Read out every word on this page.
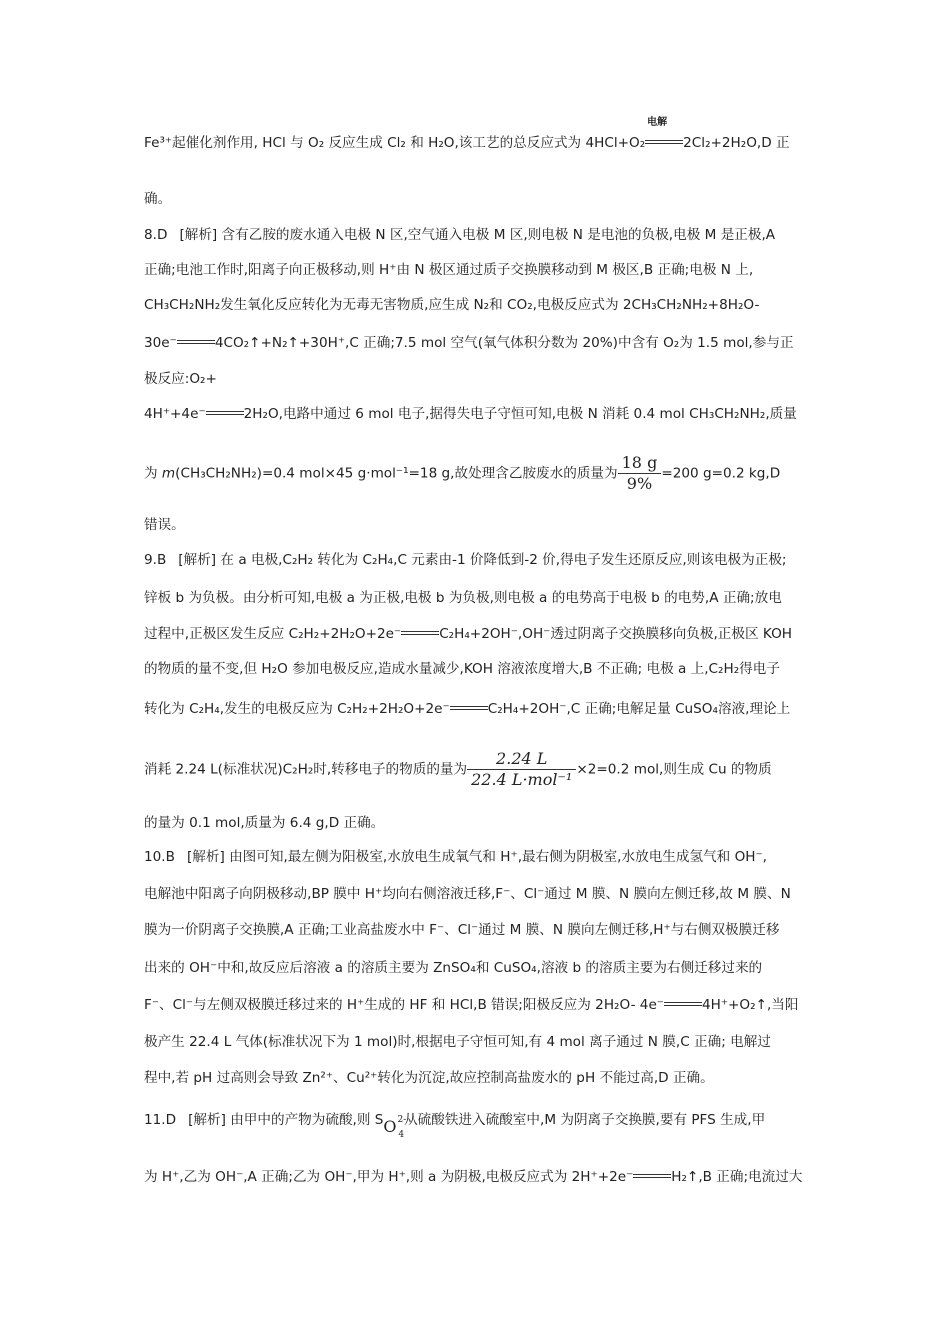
Fe³⁺起催化剂作用, HCl 与 O₂ 反应生成 Cl₂ 和 H₂O,该工艺的总反应式为 4HCl+O₂
电解
2Cl₂+2H₂O,D 正
确。
8.D [解析] 含有乙胺的废水通入电极 N 区,空气通入电极 M 区,则电极 N 是电池的负极,电极 M 是正极,A
正确;电池工作时,阳离子向正极移动,则 H⁺由 N 极区通过质子交换膜移动到 M 极区,B 正确;电极 N 上,
CH₃CH₂NH₂发生氧化反应转化为无毒无害物质,应生成 N₂和 CO₂,电极反应式为 2CH₃CH₂NH₂+8H₂O-
30e⁻	4CO₂↑+N₂↑+30H⁺,C 正确;7.5 mol 空气(氧气体积分数为 20%)中含有 O₂为 1.5 mol,参与正
极反应:O₂+
4H⁺+4e⁻	2H₂O,电路中通过 6 mol 电子,据得失电子守恒可知,电极 N 消耗 0.4 mol CH₃CH₂NH₂,质量
为 m(CH₃CH₂NH₂)=0.4 mol×45 g·mol⁻¹=18 g,故处理含乙胺废水的质量为 $\frac{18 g}{9\%} =200$ g=0.2 kg,D
错误。
9.B [解析] 在 a 电极,C₂H₂ 转化为 C₂H₄,C 元素由-1 价降低到-2 价,得电子发生还原反应,则该电极为正极;
锌板 b 为负极。由分析可知,电极 a 为正极,电极 b 为负极,则电极 a 的电势高于电极 b 的电势,A 正确;放电
过程中,正极区发生反应 C₂H₂+2H₂O+2e⁻	C₂H₄+2OH⁻,OH⁻透过阴离子交换膜移向负极,正极区 KOH
的物质的量不变,但 H₂O 参加电极反应,造成水量减少,KOH 溶液浓度增大,B 不正确; 电极 a 上,C₂H₂得电子
转化为 C₂H₄,发生的电极反应为 C₂H₂+2H₂O+2e⁻	C₂H₄+2OH⁻,C 正确;电解足量 CuSO₄溶液,理论上
消耗 2.24 L(标准状况)C₂H₂时,转移电子的物质的量为 $\frac{2.24 L}{\text{22.4 L·mol⁻¹}} \times 2=0.2$ mol,则生成 Cu 的物质
的量为 0.1 mol,质量为 6.4 g,D 正确。
10.B [解析] 由图可知,最左侧为阳极室,水放电生成氧气和 H⁺,最右侧为阴极室,水放电生成氢气和 OH⁻,
电解池中阳离子向阴极移动,BP 膜中 H⁺均向右侧溶液迁移,F⁻、Cl⁻通过 M 膜、N 膜向左侧迁移,故 M 膜、N
膜为一价阴离子交换膜,A 正确;工业高盐废水中 F⁻、Cl⁻通过 M 膜、N 膜向左侧迁移,H⁺与右侧双极膜迁移
出来的 OH⁻中和,故反应后溶液 a 的溶质主要为 ZnSO₄和 CuSO₄,溶液 b 的溶质主要为右侧迁移过来的
F⁻、Cl⁻与左侧双极膜迁移过来的 H⁺生成的 HF 和 HCl,B 错误;阳极反应为 2H₂O- 4e⁻	4H⁺+O₂↑,当阳
极产生 22.4 L 气体(标准状况下为 1 mol)时,根据电子守恒可知,有 4 mol 离子通过 N 膜,C 正确; 电解过
程中,若 pH 过高则会导致 Zn²⁺、Cu²⁺转化为沉淀,故应控制高盐废水的 pH 不能过高,D 正确。
11.D [解析] 由甲中的产物为硫酸,则 $SO^{2-}_4$从硫酸铁进入硫酸室中,M 为阴离子交换膜,要有 PFS 生成,甲
为 H⁺,乙为 OH⁻,A 正确;乙为 OH⁻,甲为 H⁺,则 a 为阴极,电极反应式为 2H⁺+2e⁻	H₂↑,B 正确;电流过大
